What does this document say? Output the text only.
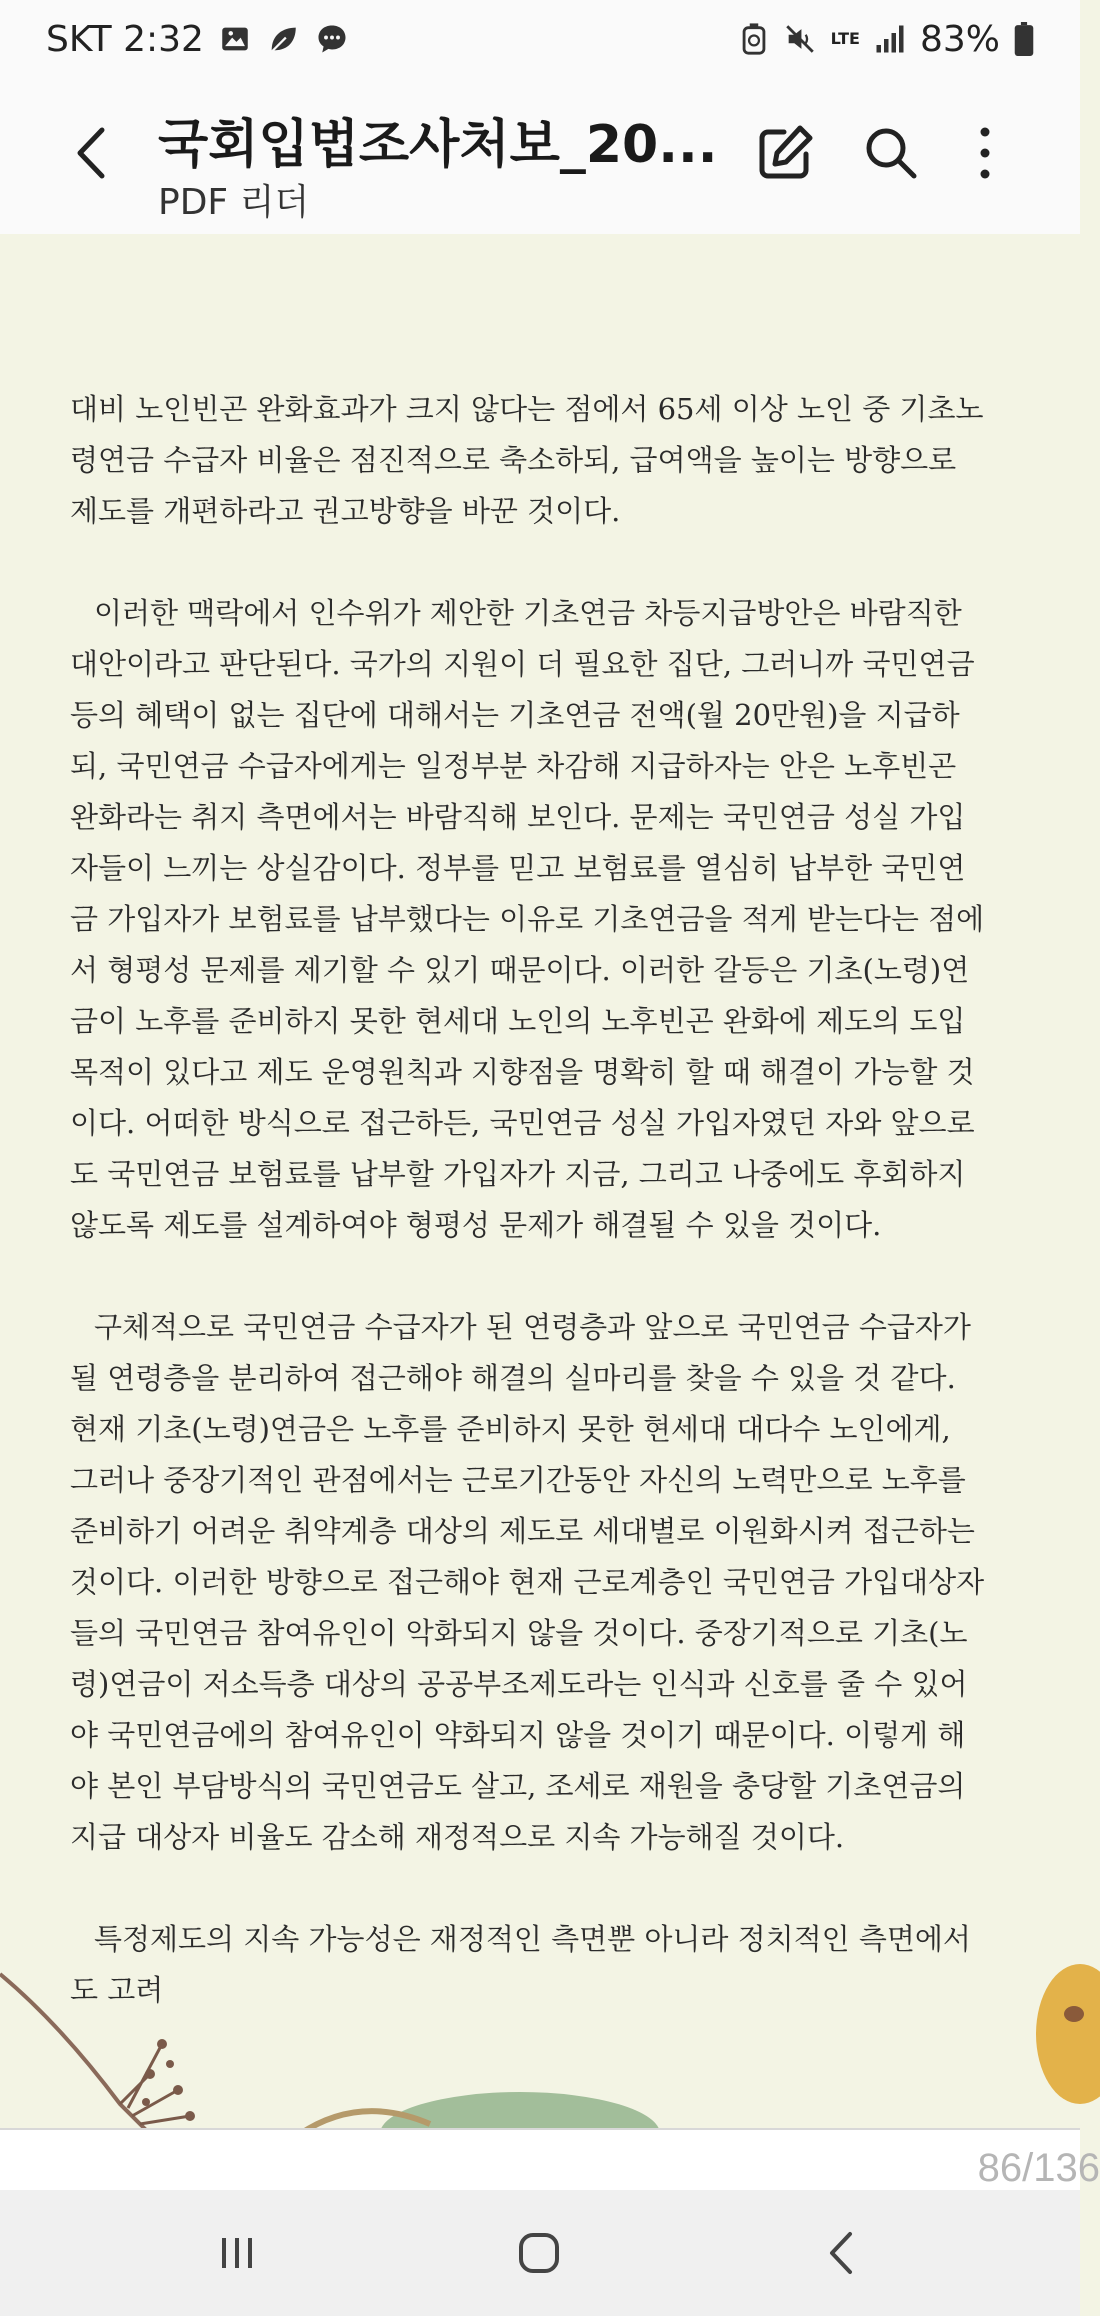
SKT 2:32	LTE 83%
국회입법조사처보_20...
PDF 리더

대비 노인빈곤 완화효과가 크지 않다는 점에서 65세 이상 노인 중 기초노령연금 수급자 비율은 점진적으로 축소하되, 급여액을 높이는 방향으로 제도를 개편하라고 권고방향을 바꾼 것이다.

이러한 맥락에서 인수위가 제안한 기초연금 차등지급방안은 바람직한 대안이라고 판단된다. 국가의 지원이 더 필요한 집단, 그러니까 국민연금 등의 혜택이 없는 집단에 대해서는 기초연금 전액(월 20만원)을 지급하되, 국민연금 수급자에게는 일정부분 차감해 지급하자는 안은 노후빈곤 완화라는 취지 측면에서는 바람직해 보인다. 문제는 국민연금 성실 가입자들이 느끼는 상실감이다. 정부를 믿고 보험료를 열심히 납부한 국민연금 가입자가 보험료를 납부했다는 이유로 기초연금을 적게 받는다는 점에서 형평성 문제를 제기할 수 있기 때문이다. 이러한 갈등은 기초(노령)연금이 노후를 준비하지 못한 현세대 노인의 노후빈곤 완화에 제도의 도입 목적이 있다고 제도 운영원칙과 지향점을 명확히 할 때 해결이 가능할 것이다. 어떠한 방식으로 접근하든, 국민연금 성실 가입자였던 자와 앞으로도 국민연금 보험료를 납부할 가입자가 지금, 그리고 나중에도 후회하지 않도록 제도를 설계하여야 형평성 문제가 해결될 수 있을 것이다.

구체적으로 국민연금 수급자가 된 연령층과 앞으로 국민연금 수급자가 될 연령층을 분리하여 접근해야 해결의 실마리를 찾을 수 있을 것 같다. 현재 기초(노령)연금은 노후를 준비하지 못한 현세대 대다수 노인에게, 그러나 중장기적인 관점에서는 근로기간동안 자신의 노력만으로 노후를 준비하기 어려운 취약계층 대상의 제도로 세대별로 이원화시켜 접근하는 것이다. 이러한 방향으로 접근해야 현재 근로계층인 국민연금 가입대상자들의 국민연금 참여유인이 악화되지 않을 것이다. 중장기적으로 기초(노령)연금이 저소득층 대상의 공공부조제도라는 인식과 신호를 줄 수 있어야 국민연금에의 참여유인이 약화되지 않을 것이기 때문이다. 이렇게 해야 본인 부담방식의 국민연금도 살고, 조세로 재원을 충당할 기초연금의 지급 대상자 비율도 감소해 재정적으로 지속 가능해질 것이다.

특정제도의 지속 가능성은 재정적인 측면뿐 아니라 정치적인 측면에서도 고려

86/136
